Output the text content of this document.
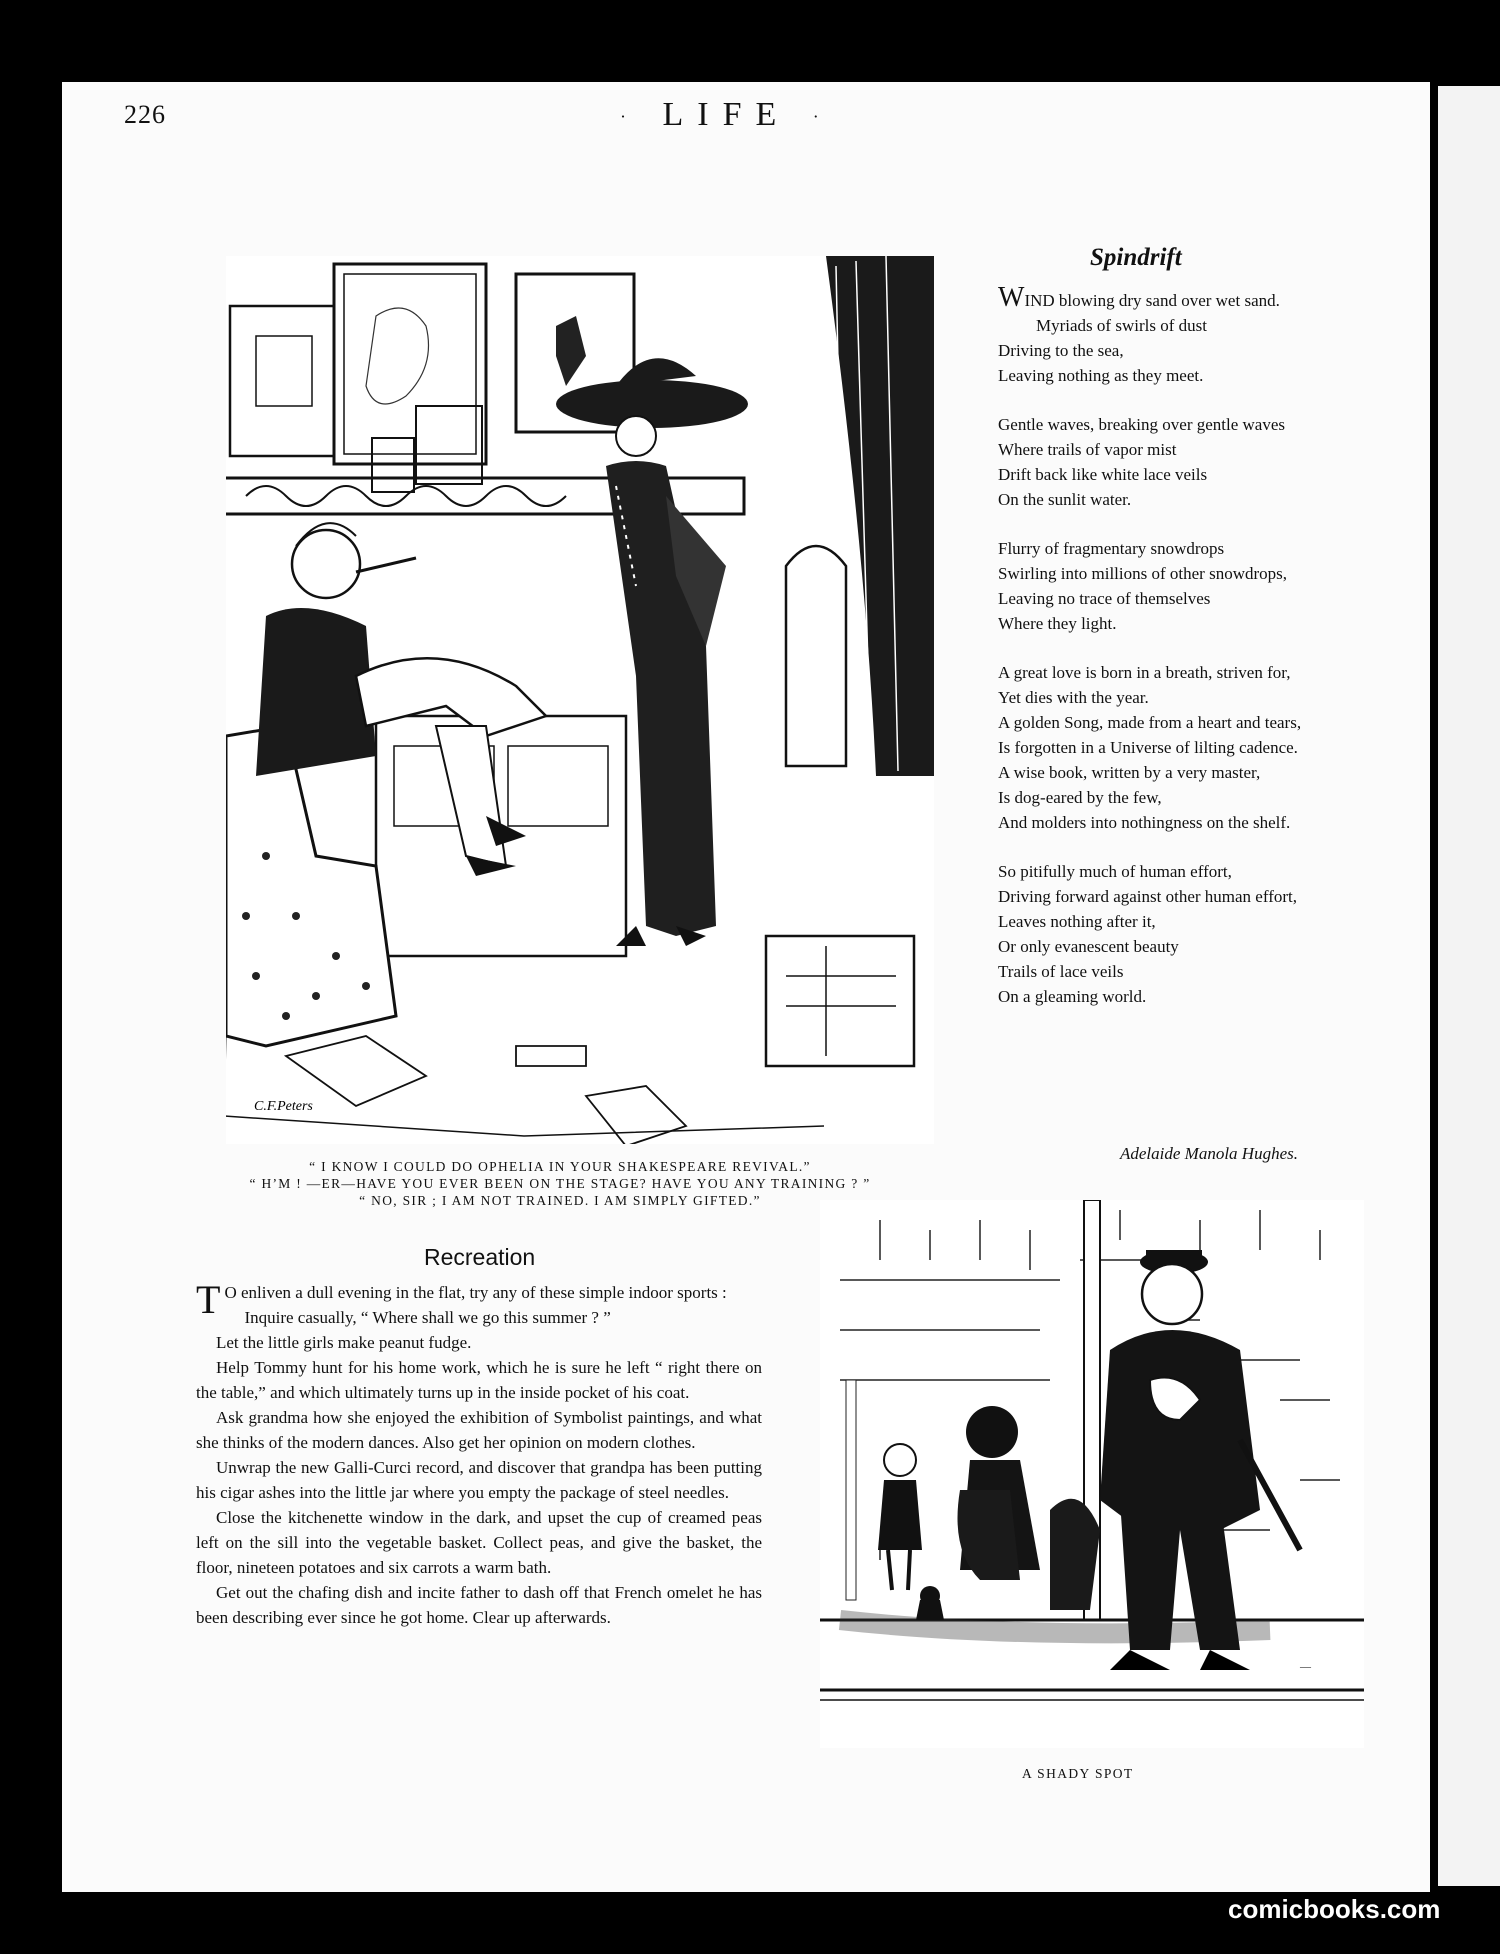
226	· LIFE ·
C.F.Peters
“ I KNOW I COULD DO OPHELIA IN YOUR SHAKESPEARE REVIVAL.”
“ H’M ! —ER—HAVE YOU EVER BEEN ON THE STAGE? HAVE YOU ANY TRAINING ? ”
“ NO, SIR ; I AM NOT TRAINED. I AM SIMPLY GIFTED.”
Spindrift
WIND blowing dry sand over wet sand.
Myriads of swirls of dust
Driving to the sea,
Leaving nothing as they meet.
Gentle waves, breaking over gentle waves
Where trails of vapor mist
Drift back like white lace veils
On the sunlit water.
Flurry of fragmentary snowdrops
Swirling into millions of other snowdrops,
Leaving no trace of themselves
Where they light.
A great love is born in a breath, striven for,
Yet dies with the year.
A golden Song, made from a heart and tears,
Is forgotten in a Universe of lilting cadence.
A wise book, written by a very master,
Is dog-eared by the few,
And molders into nothingness on the shelf.
So pitifully much of human effort,
Driving forward against other human effort,
Leaves nothing after it,
Or only evanescent beauty
Trails of lace veils
On a gleaming world.
Adelaide Manola Hughes.
Recreation

T O enliven a dull evening in the flat, try any of these simple indoor sports :

Inquire casually, “ Where shall we go this summer ? ”

Let the little girls make peanut fudge.

Help Tommy hunt for his home work, which he is sure he left “ right there on the table,” and which ultimately turns up in the inside pocket of his coat.

Ask grandma how she enjoyed the exhibition of Symbolist paintings, and what she thinks of the modern dances. Also get her opinion on modern clothes.

Unwrap the new Galli-Curci record, and discover that grandpa has been putting his cigar ashes into the little jar where you empty the package of steel needles.

Close the kitchenette window in the dark, and upset the cup of creamed peas left on the sill into the vegetable basket. Collect peas, and give the basket, the floor, nineteen potatoes and six carrots a warm bath.

Get out the chafing dish and incite father to dash off that French omelet he has been describing ever since he got home. Clear up afterwards.

—
A SHADY SPOT
comicbooks.com
